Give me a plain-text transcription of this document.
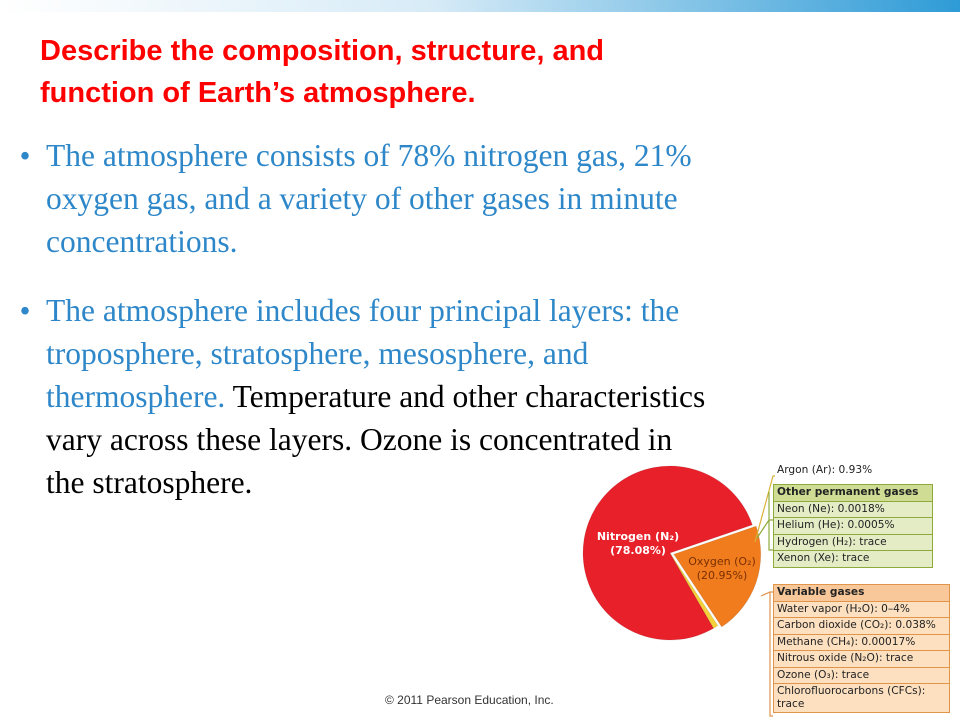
Describe the composition, structure, and
function of Earth’s atmosphere.
• The atmosphere consists of 78% nitrogen gas, 21%
oxygen gas, and a variety of other gases in minute
concentrations.
• The atmosphere includes four principal layers: the
troposphere, stratosphere, mesosphere, and
thermosphere. Temperature and other characteristics
vary across these layers. Ozone is concentrated in
the stratosphere.	Argon (Ar): 0.93%
Nitrogen (N₂)
(78.08%)
Oxygen (O₂)
(20.95%)
Other permanent gases
Neon (Ne): 0.0018%
Helium (He): 0.0005%
Hydrogen (H₂): trace
Xenon (Xe): trace
Variable gases
Water vapor (H₂O): 0–4%
Carbon dioxide (CO₂): 0.038%
Methane (CH₄): 0.00017%
Nitrous oxide (N₂O): trace
Ozone (O₃): trace
Chlorofluorocarbons (CFCs): trace
© 2011 Pearson Education, Inc.
